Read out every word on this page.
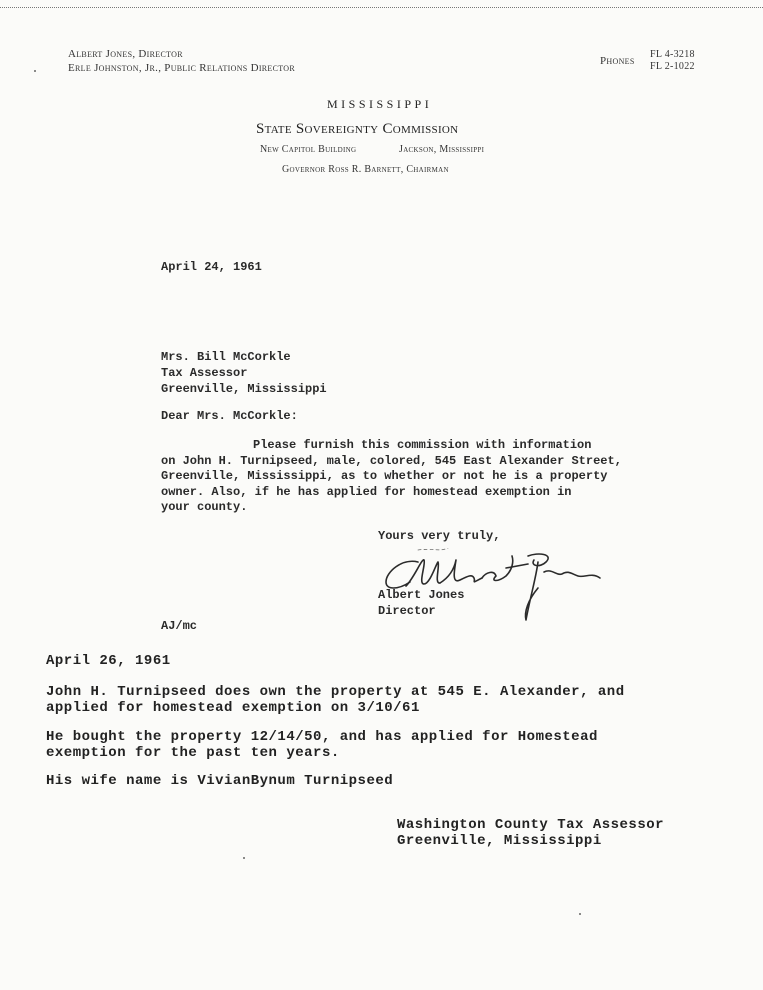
Albert Jones, Director
Erle Johnston, Jr., Public Relations Director
Phones
FL 4-3218
FL 2-1022
MISSISSIPPI
State Sovereignty Commission
New Capitol Building	Jackson, Mississippi
Governor Ross R. Barnett, Chairman
April 24, 1961
Mrs. Bill McCorkle
Tax Assessor
Greenville, Mississippi
Dear Mrs. McCorkle:
Please furnish this commission with information
on John H. Turnipseed, male, colored, 545 East Alexander Street,
Greenville, Mississippi, as to whether or not he is a property
owner. Also, if he has applied for homestead exemption in
your county.
Yours very truly,
Albert Jones
Director
AJ/mc
April 26, 1961
John H. Turnipseed does own the property at 545 E. Alexander, and
applied for homestead exemption on 3/10/61
He bought the property 12/14/50, and has applied for Homestead
exemption for the past ten years.
His wife name is VivianBynum Turnipseed
Washington County Tax Assessor
Greenville, Mississippi
